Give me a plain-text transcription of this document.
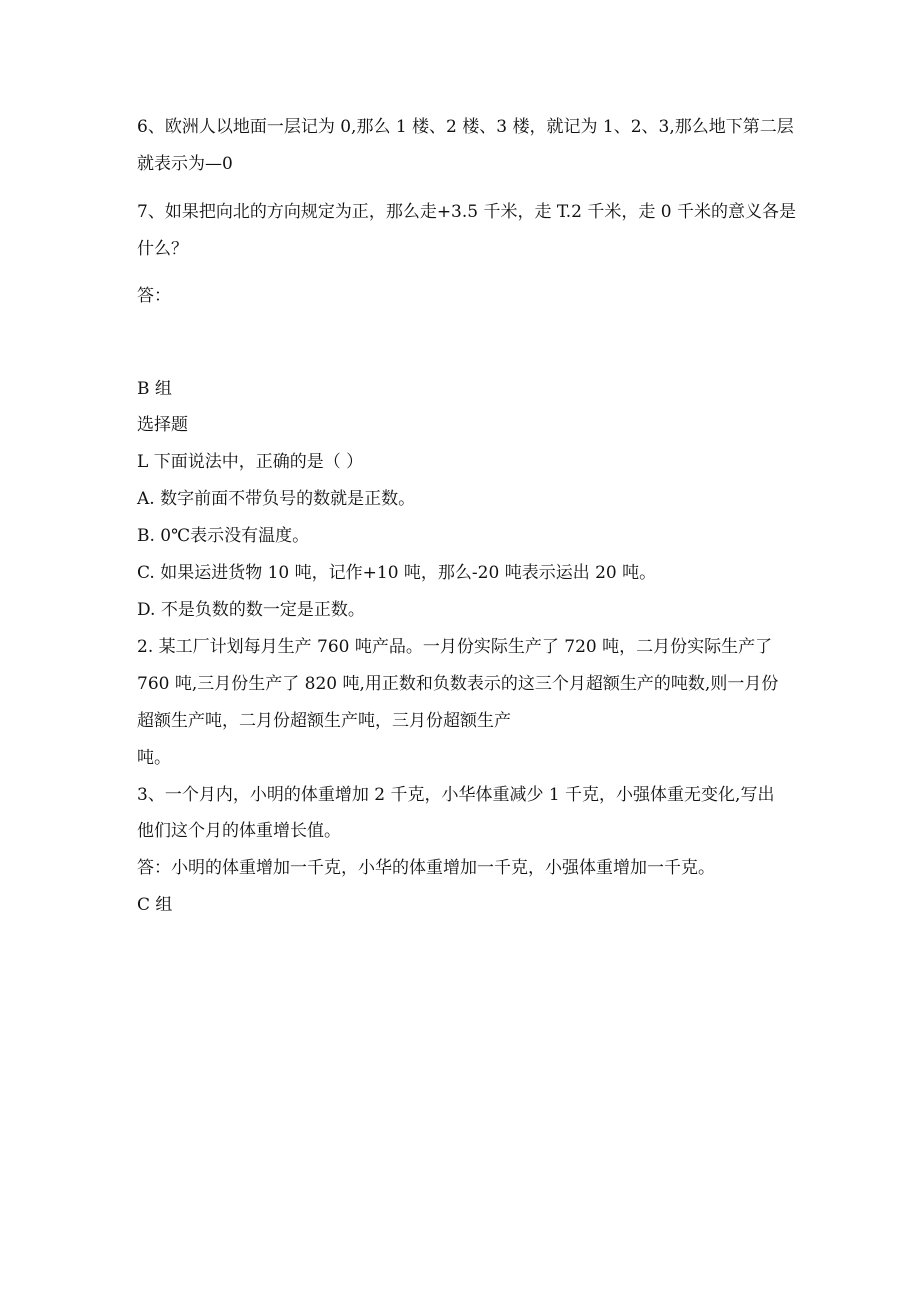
6、欧洲人以地面一层记为 0,那么 1 楼、2 楼、3 楼，就记为 1、2、3,那么地下第二层
就表示为—0
7、如果把向北的方向规定为正，那么走+3.5 千米，走 T.2 千米，走 0 千米的意义各是
什么？
答：
B 组
选择题
L 下面说法中，正确的是（ ）
A. 数字前面不带负号的数就是正数。
B. 0℃表示没有温度。
C. 如果运进货物 10 吨，记作+10 吨，那么-20 吨表示运出 20 吨。
D. 不是负数的数一定是正数。
2. 某工厂计划每月生产 760 吨产品。一月份实际生产了 720 吨，二月份实际生产了
760 吨,三月份生产了 820 吨,用正数和负数表示的这三个月超额生产的吨数,则一月份
超额生产吨，二月份超额生产吨，三月份超额生产
吨。
3、一个月内，小明的体重增加 2 千克，小华体重减少 1 千克，小强体重无变化,写出
他们这个月的体重增长值。
答：小明的体重增加一千克，小华的体重增加一千克，小强体重增加一千克。
C 组
